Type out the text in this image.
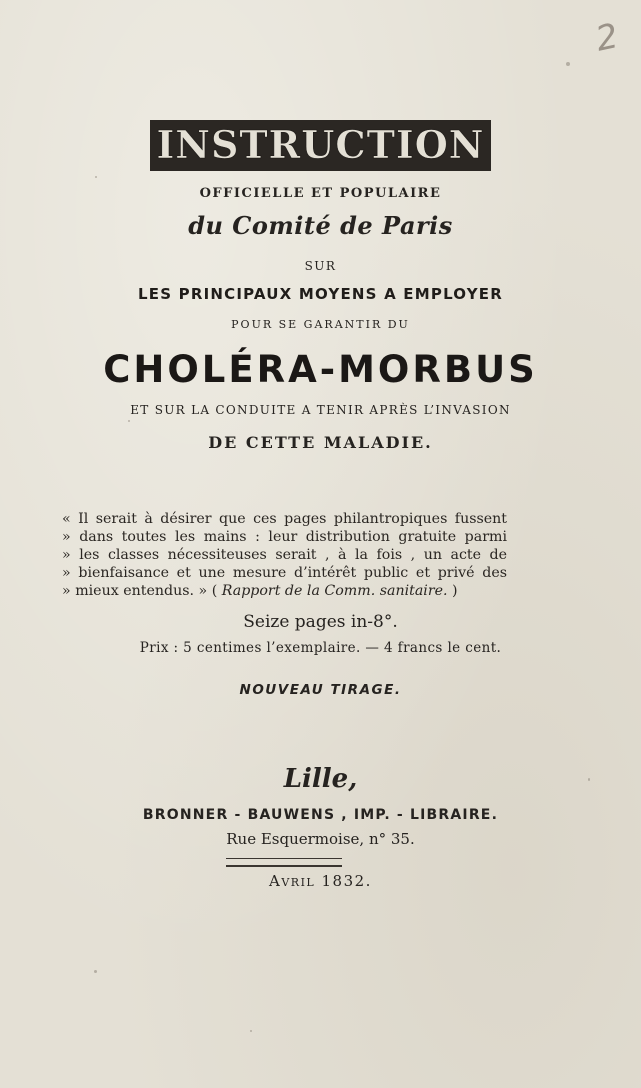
2
INSTRUCTION
OFFICIELLE ET POPULAIRE
du Comité de Paris
SUR
LES PRINCIPAUX MOYENS A EMPLOYER
POUR SE GARANTIR DU
CHOLÉRA-MORBUS
ET SUR LA CONDUITE A TENIR APRÈS L’INVASION
DE CETTE MALADIE.
« Il serait à désirer que ces pages philantropiques fussent
» dans toutes les mains : leur distribution gratuite parmi
» les classes nécessiteuses serait , à la fois , un acte de
» bienfaisance et une mesure d’intérêt public et privé des
» mieux entendus. » ( Rapport de la Comm. sanitaire. )
Seize pages in-8°.
Prix : 5 centimes l’exemplaire. — 4 francs le cent.
NOUVEAU TIRAGE.
Lille,
BRONNER - BAUWENS , IMP. - LIBRAIRE.
Rue Esquermoise, n° 35.
Avril 1832.
